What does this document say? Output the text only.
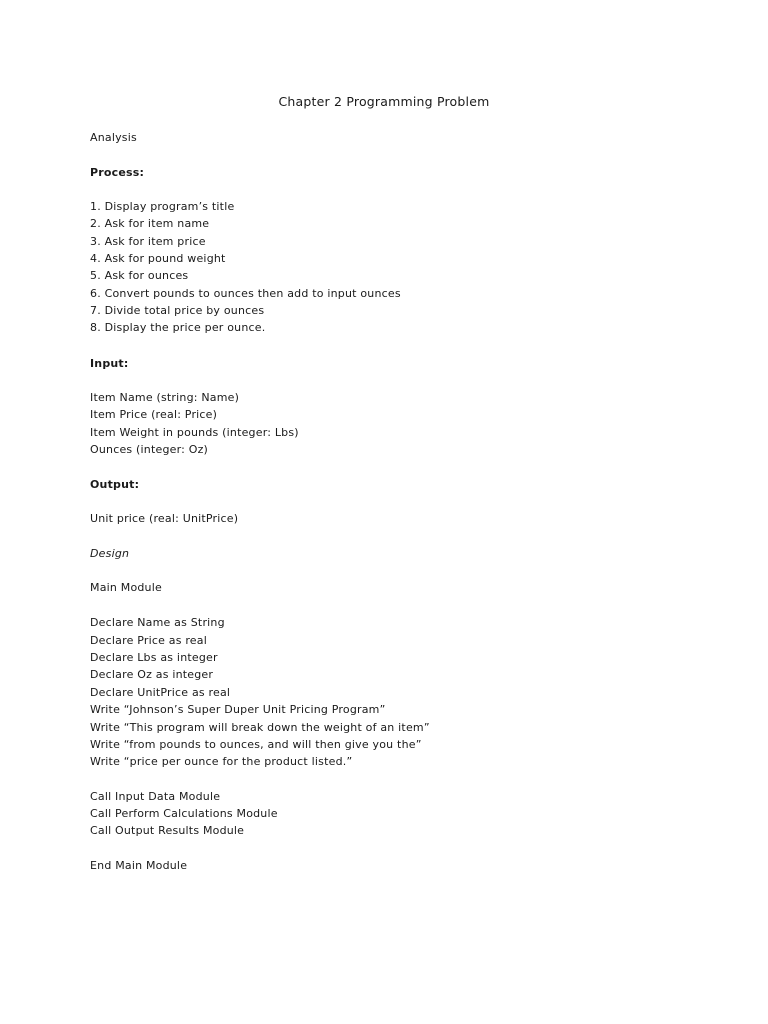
Chapter 2 Programming Problem
Analysis
Process:
1. Display program’s title
2. Ask for item name
3. Ask for item price
4. Ask for pound weight
5. Ask for ounces
6. Convert pounds to ounces then add to input ounces
7. Divide total price by ounces
8. Display the price per ounce.
Input:
Item Name (string: Name)
Item Price (real: Price)
Item Weight in pounds (integer: Lbs)
Ounces (integer: Oz)
Output:
Unit price (real: UnitPrice)
Design
Main Module
Declare Name as String
Declare Price as real
Declare Lbs as integer
Declare Oz as integer
Declare UnitPrice as real
Write “Johnson’s Super Duper Unit Pricing Program”
Write “This program will break down the weight of an item”
Write “from pounds to ounces, and will then give you the”
Write “price per ounce for the product listed.”
Call Input Data Module
Call Perform Calculations Module
Call Output Results Module
End Main Module
